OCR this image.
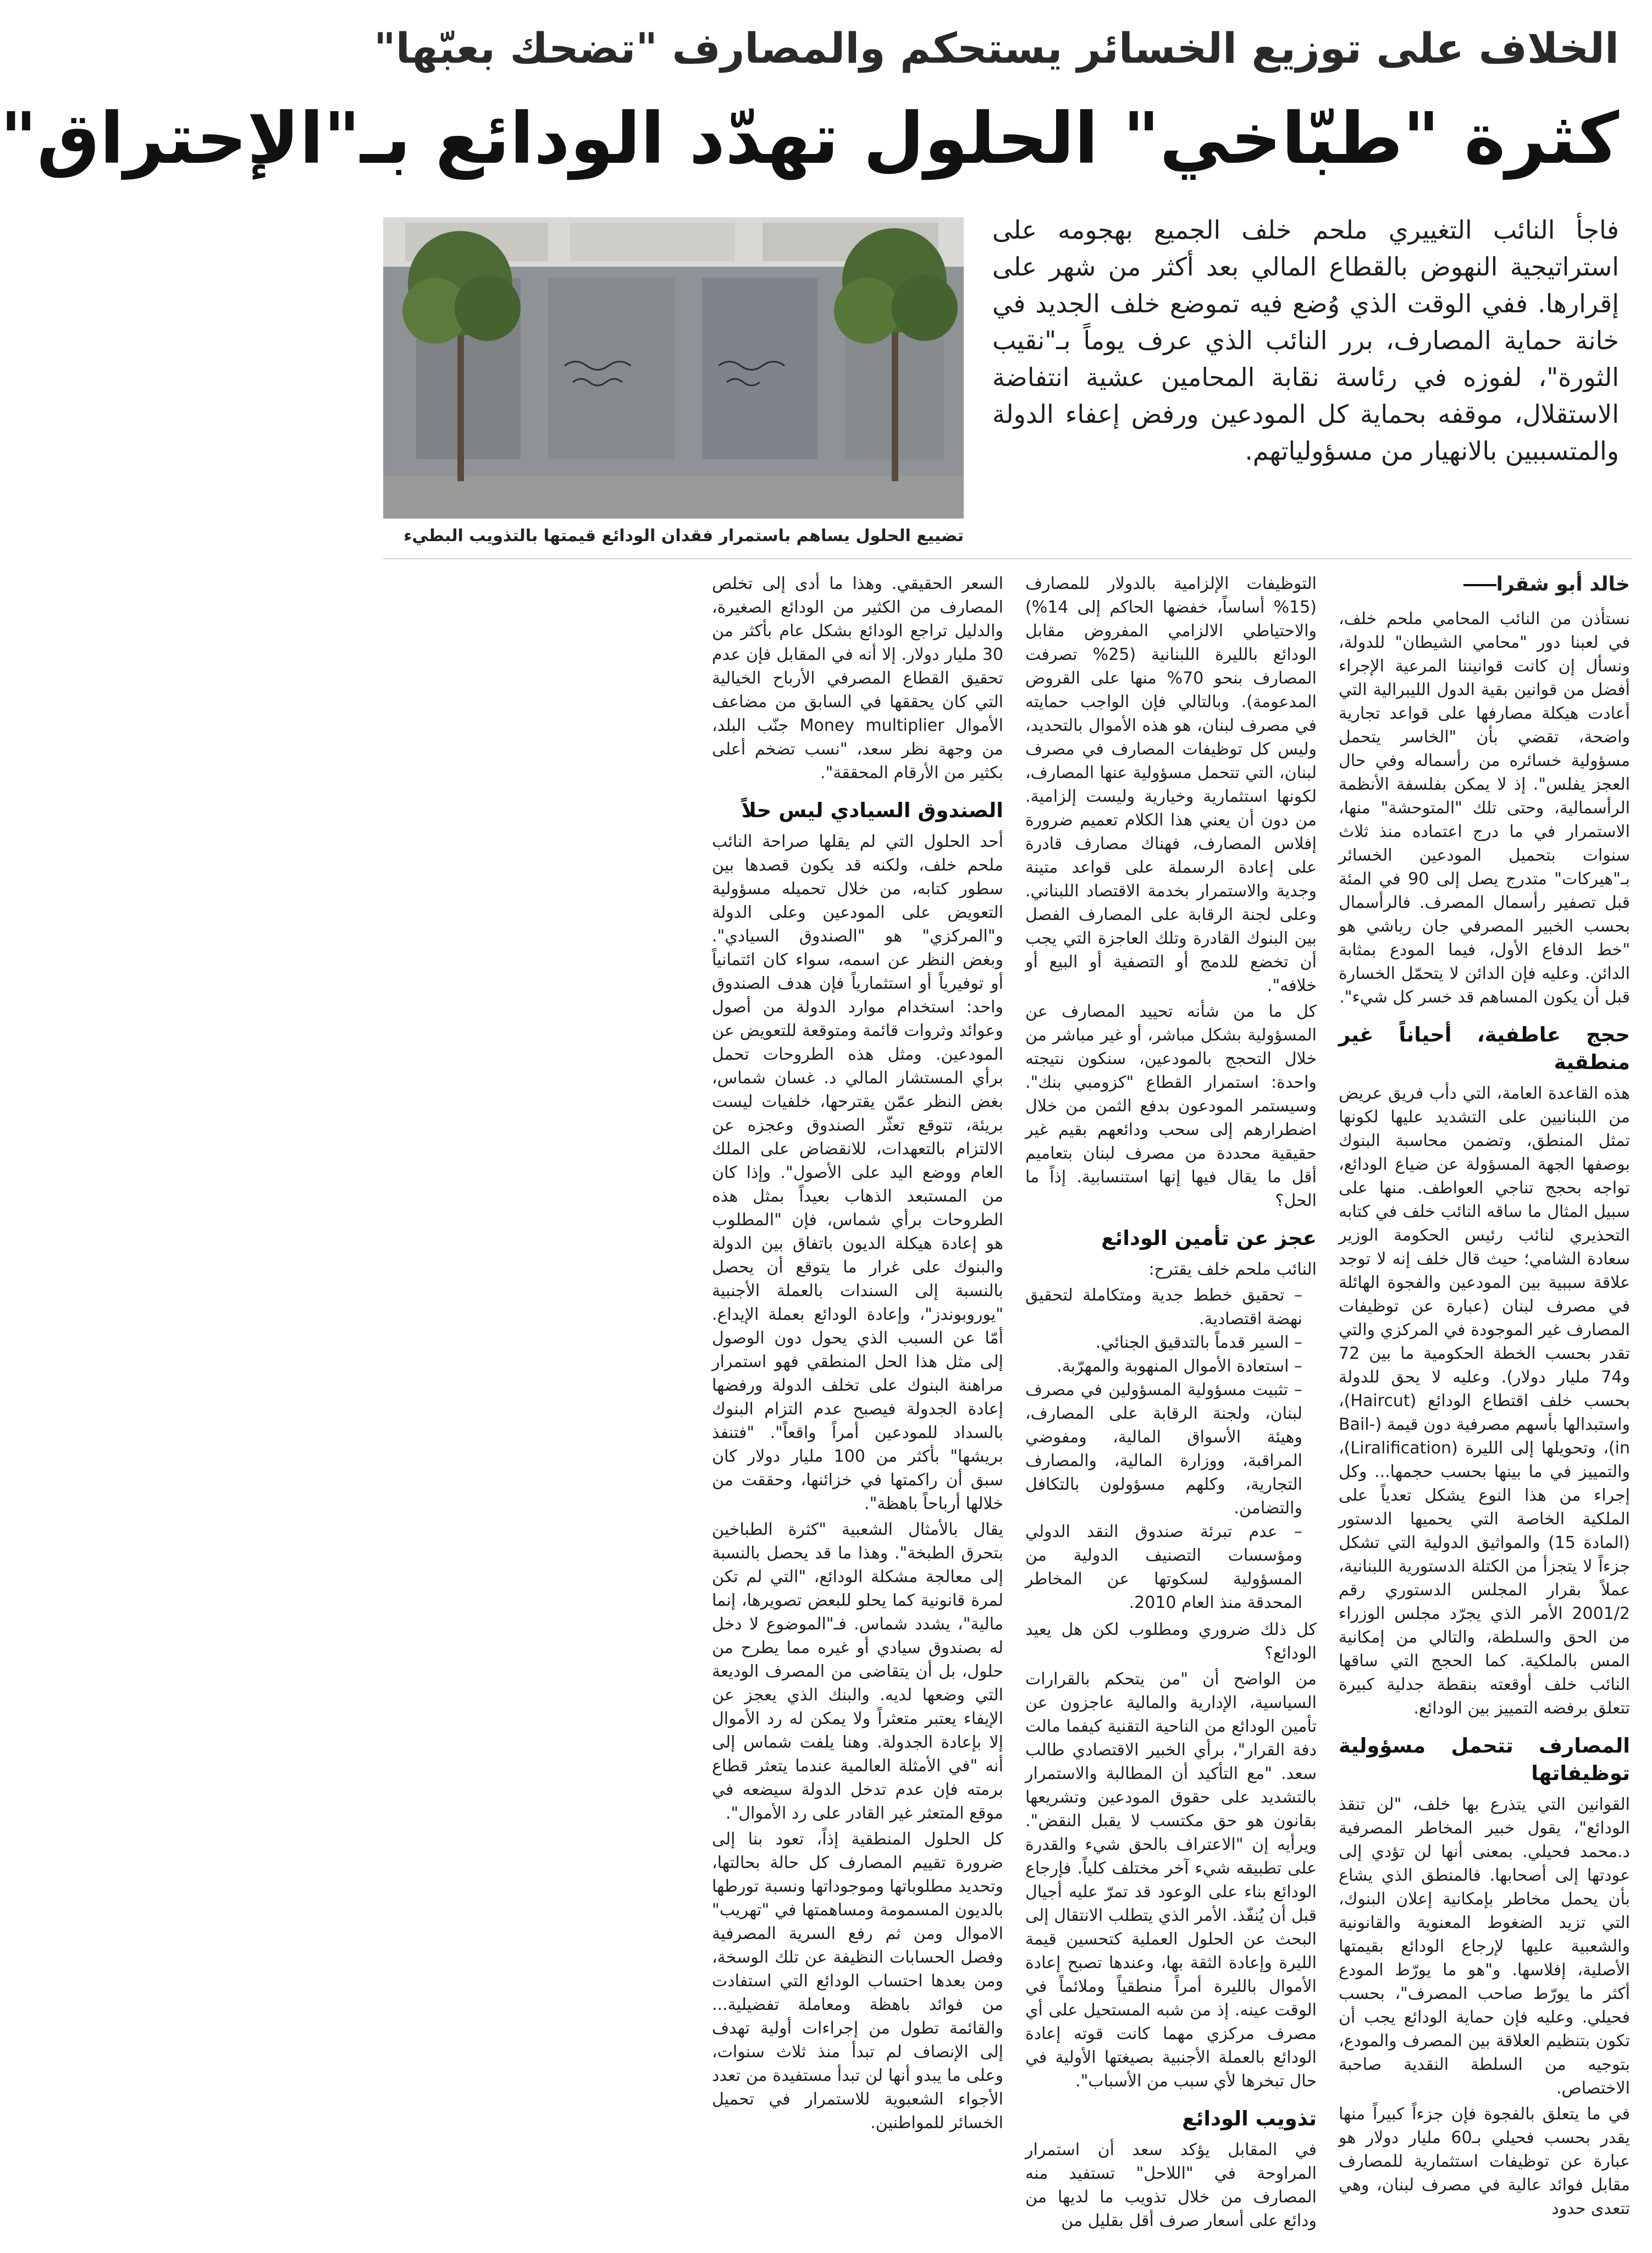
الخلاف على توزيع الخسائر يستحكم والمصارف "تضحك بعبّها"
كثرة "طبّاخي" الحلول تهدّد الودائع بـ"الإحتراق"
تضييع الحلول يساهم باستمرار فقدان الودائع قيمتها بالتذويب البطيء
فاجأ النائب التغييري ملحم خلف الجميع بهجومه على استراتيجية النهوض بالقطاع المالي بعد أكثر من شهر على إقرارها. ففي الوقت الذي وُضع فيه تموضع خلف الجديد في خانة حماية المصارف، برر النائب الذي عرف يوماً بـ"نقيب الثورة"، لفوزه في رئاسة نقابة المحامين عشية انتفاضة الاستقلال، موقفه بحماية كل المودعين ورفض إعفاء الدولة والمتسببين بالانهيار من مسؤولياتهم.
خالد أبو شقرا

نستأذن من النائب المحامي ملحم خلف، في لعبنا دور "محامي الشيطان" للدولة، ونسأل إن كانت قوانيننا المرعية الإجراء أفضل من قوانين بقية الدول الليبرالية التي أعادت هيكلة مصارفها على قواعد تجارية واضحة، تقضي بأن "الخاسر يتحمل مسؤولية خسائره من رأسماله وفي حال العجز يفلس". إذ لا يمكن بفلسفة الأنظمة الرأسمالية، وحتى تلك "المتوحشة" منها، الاستمرار في ما درج اعتماده منذ ثلاث سنوات بتحميل المودعين الخسائر بـ"هيركات" متدرج يصل إلى 90 في المئة قبل تصفير رأسمال المصرف. فالرأسمال بحسب الخبير المصرفي جان رياشي هو "خط الدفاع الأول، فيما المودع بمثابة الدائن. وعليه فإن الدائن لا يتحمّل الخسارة قبل أن يكون المساهم قد خسر كل شيء".

حجج عاطفية، أحياناً غير منطقية

هذه القاعدة العامة، التي دأب فريق عريض من اللبنانيين على التشديد عليها لكونها تمثل المنطق، وتضمن محاسبة البنوك بوصفها الجهة المسؤولة عن ضياع الودائع، تواجه بحجج تناجي العواطف. منها على سبيل المثال ما ساقه النائب خلف في كتابه التحذيري لنائب رئيس الحكومة الوزير سعادة الشامي؛ حيث قال خلف إنه لا توجد علاقة سببية بين المودعين والفجوة الهائلة في مصرف لبنان (عبارة عن توظيفات المصارف غير الموجودة في المركزي والتي تقدر بحسب الخطة الحكومية ما بين 72 و74 مليار دولار). وعليه لا يحق للدولة بحسب خلف اقتطاع الودائع (Haircut)، واستبدالها بأسهم مصرفية دون قيمة (Bail-in)، وتحويلها إلى الليرة (Liralification)، والتمييز في ما بينها بحسب حجمها... وكل إجراء من هذا النوع يشكل تعدياً على الملكية الخاصة التي يحميها الدستور (المادة 15) والمواثيق الدولية التي تشكل جزءاً لا يتجزأ من الكتلة الدستورية اللبنانية، عملاً بقرار المجلس الدستوري رقم 2001/2 الأمر الذي يجرّد مجلس الوزراء من الحق والسلطة، والتالي من إمكانية المس بالملكية. كما الحجج التي ساقها النائب خلف أوقعته بنقطة جدلية كبيرة تتعلق برفضه التمييز بين الودائع.

المصارف تتحمل مسؤولية توظيفاتها

القوانين التي يتذرع بها خلف، "لن تنقذ الودائع"، يقول خبير المخاطر المصرفية د.محمد فحيلي. بمعنى أنها لن تؤدي إلى عودتها إلى أصحابها. فالمنطق الذي يشاع بأن يحمل مخاطر بإمكانية إعلان البنوك، التي تزيد الضغوط المعنوية والقانونية والشعبية عليها لإرجاع الودائع بقيمتها الأصلية، إفلاسها. و"هو ما يورّط المودع أكثر ما يورّط صاحب المصرف"، بحسب فحيلي. وعليه فإن حماية الودائع يجب أن تكون بتنظيم العلاقة بين المصرف والمودع، بتوجيه من السلطة النقدية صاحبة الاختصاص.

في ما يتعلق بالفجوة فإن جزءاً كبيراً منها يقدر بحسب فحيلي بـ60 مليار دولار هو عبارة عن توظيفات استثمارية للمصارف مقابل فوائد عالية في مصرف لبنان، وهي تتعدى حدود

التوظيفات الإلزامية بالدولار للمصارف (15% أساساً، خفضها الحاكم إلى 14%) والاحتياطي الالزامي المفروض مقابل الودائع بالليرة اللبنانية (25% تصرفت المصارف بنحو 70% منها على القروض المدعومة). وبالتالي فإن الواجب حمايته في مصرف لبنان، هو هذه الأموال بالتحديد، وليس كل توظيفات المصارف في مصرف لبنان، التي تتحمل مسؤولية عنها المصارف، لكونها استثمارية وخيارية وليست إلزامية. من دون أن يعني هذا الكلام تعميم ضرورة إفلاس المصارف، فهناك مصارف قادرة على إعادة الرسملة على قواعد متينة وجدية والاستمرار بخدمة الاقتصاد اللبناني. وعلى لجنة الرقابة على المصارف الفصل بين البنوك القادرة وتلك العاجزة التي يجب أن تخضع للدمج أو التصفية أو البيع أو خلافه".

كل ما من شأنه تحييد المصارف عن المسؤولية بشكل مباشر، أو غير مباشر من خلال التحجج بالمودعين، سنكون نتيجته واحدة: استمرار القطاع "كزومبي بنك". وسيستمر المودعون بدفع الثمن من خلال اضطرارهم إلى سحب ودائعهم بقيم غير حقيقية محددة من مصرف لبنان بتعاميم أقل ما يقال فيها إنها استنسابية. إذاً ما الحل؟

عجز عن تأمين الودائع

النائب ملحم خلف يقترح:

– تحقيق خطط جدية ومتكاملة لتحقيق نهضة اقتصادية.
– السير قدماً بالتدقيق الجنائي.
– استعادة الأموال المنهوبة والمهرّبة.
– تثبيت مسؤولية المسؤولين في مصرف لبنان، ولجنة الرقابة على المصارف، وهيئة الأسواق المالية، ومفوضي المراقبة، ووزارة المالية، والمصارف التجارية، وكلهم مسؤولون بالتكافل والتضامن.
– عدم تبرئة صندوق النقد الدولي ومؤسسات التصنيف الدولية من المسؤولية لسكوتها عن المخاطر المحدقة منذ العام 2010.

كل ذلك ضروري ومطلوب لكن هل يعيد الودائع؟

من الواضح أن "من يتحكم بالقرارات السياسية، الإدارية والمالية عاجزون عن تأمين الودائع من الناحية التقنية كيفما مالت دفة القرار"، برأي الخبير الاقتصادي طالب سعد. "مع التأكيد أن المطالبة والاستمرار بالتشديد على حقوق المودعين وتشريعها بقانون هو حق مكتسب لا يقبل النقض". ويرأيه إن "الاعتراف بالحق شيء والقدرة على تطبيقه شيء آخر مختلف كلياً. فإرجاع الودائع بناء على الوعود قد تمرّ عليه أجيال قبل أن يُنفّذ. الأمر الذي يتطلب الانتقال إلى البحث عن الحلول العملية كتحسين قيمة الليرة وإعادة الثقة بها، وعندها تصبح إعادة الأموال بالليرة أمراً منطقياً وملائماً في الوقت عينه. إذ من شبه المستحيل على أي مصرف مركزي مهما كانت قوته إعادة الودائع بالعملة الأجنبية بصيغتها الأولية في حال تبخرها لأي سبب من الأسباب".

تذويب الودائع

في المقابل يؤكد سعد أن استمرار المراوحة في "اللاحل" تستفيد منه المصارف من خلال تذويب ما لديها من ودائع على أسعار صرف أقل بقليل من

السعر الحقيقي. وهذا ما أدى إلى تخلص المصارف من الكثير من الودائع الصغيرة، والدليل تراجع الودائع بشكل عام بأكثر من 30 مليار دولار. إلا أنه في المقابل فإن عدم تحقيق القطاع المصرفي الأرباح الخيالية التي كان يحققها في السابق من مضاعف الأموال Money multiplier جنّب البلد، من وجهة نظر سعد، "نسب تضخم أعلى بكثير من الأرقام المحققة".

الصندوق السيادي ليس حلاً

أحد الحلول التي لم يقلها صراحة النائب ملحم خلف، ولكنه قد يكون قصدها بين سطور كتابه، من خلال تحميله مسؤولية التعويض على المودعين وعلى الدولة و"المركزي" هو "الصندوق السيادي". وبغض النظر عن اسمه، سواء كان ائتمانياً أو توفيرياً أو استثمارياً فإن هدف الصندوق واحد: استخدام موارد الدولة من أصول وعوائد وثروات قائمة ومتوقعة للتعويض عن المودعين. ومثل هذه الطروحات تحمل برأي المستشار المالي د. غسان شماس، بغض النظر عمّن يقترحها، خلفيات ليست بريئة، تتوقع تعثّر الصندوق وعجزه عن الالتزام بالتعهدات، للانقضاض على الملك العام ووضع اليد على الأصول". وإذا كان من المستبعد الذهاب بعيداً بمثل هذه الطروحات برأي شماس، فإن "المطلوب هو إعادة هيكلة الديون باتفاق بين الدولة والبنوك على غرار ما يتوقع أن يحصل بالنسبة إلى السندات بالعملة الأجنبية "يوروبوندز"، وإعادة الودائع بعملة الإيداع. أمّا عن السبب الذي يحول دون الوصول إلى مثل هذا الحل المنطقي فهو استمرار مراهنة البنوك على تخلف الدولة ورفضها إعادة الجدولة فيصبح عدم التزام البنوك بالسداد للمودعين أمراً واقعاً". "فتنفذ بريشها" بأكثر من 100 مليار دولار كان سبق أن راكمتها في خزائنها، وحققت من خلالها أرباحاً باهظة".

يقال بالأمثال الشعبية "كثرة الطباخين بتحرق الطبخة". وهذا ما قد يحصل بالنسبة إلى معالجة مشكلة الودائع، "التي لم تكن لمرة قانونية كما يحلو للبعض تصويرها، إنما مالية"، يشدد شماس. فـ"الموضوع لا دخل له بصندوق سيادي أو غيره مما يطرح من حلول، بل أن يتقاضى من المصرف الوديعة التي وضعها لديه. والبنك الذي يعجز عن الإيفاء يعتبر متعثراً ولا يمكن له رد الأموال إلا بإعادة الجدولة. وهنا يلفت شماس إلى أنه "في الأمثلة العالمية عندما يتعثر قطاع برمته فإن عدم تدخل الدولة سيضعه في موقع المتعثر غير القادر على رد الأموال".

كل الحلول المنطقية إذاً، تعود بنا إلى ضرورة تقييم المصارف كل حالة بحالتها، وتحديد مطلوباتها وموجوداتها ونسبة تورطها بالديون المسمومة ومساهمتها في "تهريب" الاموال ومن ثم رفع السرية المصرفية وفصل الحسابات النظيفة عن تلك الوسخة، ومن بعدها احتساب الودائع التي استفادت من فوائد باهظة ومعاملة تفضيلية... والقائمة تطول من إجراءات أولية تهدف إلى الإنصاف لم تبدأ منذ ثلاث سنوات، وعلى ما يبدو أنها لن تبدأ مستفيدة من تعدد الأجواء الشعبوية للاستمرار في تحميل الخسائر للمواطنين.
